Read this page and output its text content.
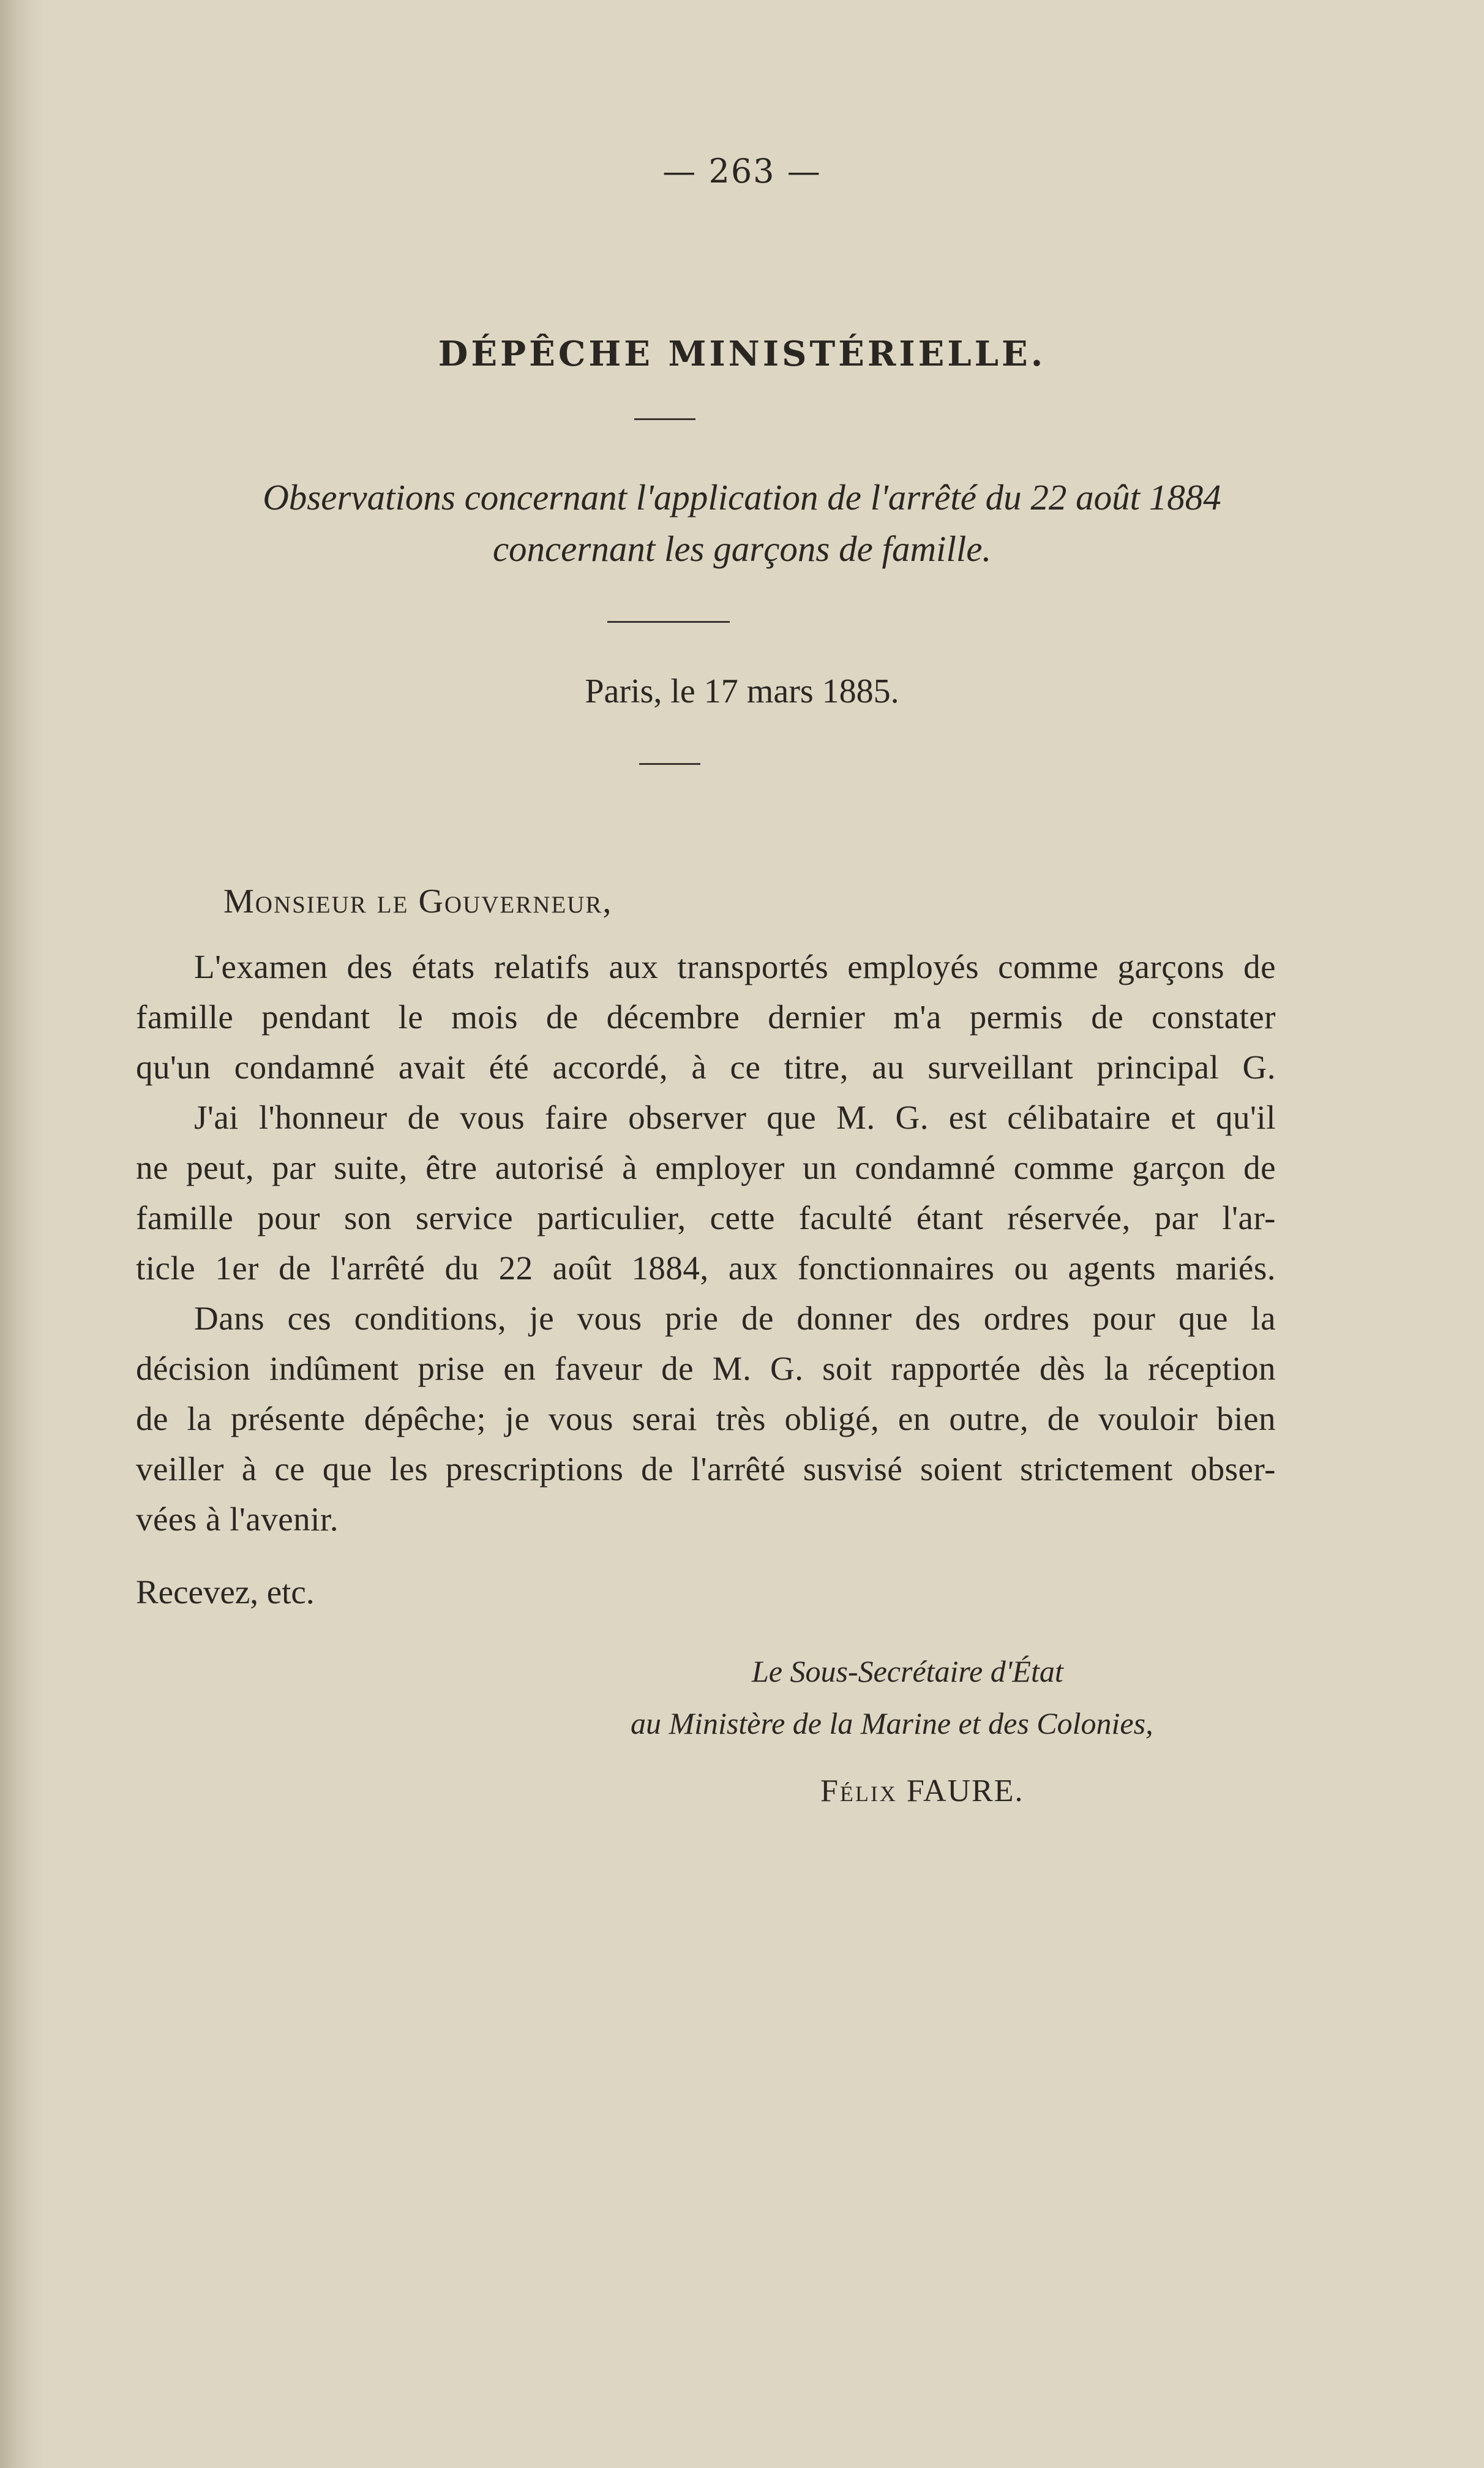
— 263 —
DÉPÊCHE MINISTÉRIELLE.
Observations concernant l'application de l'arrêté du 22 août 1884
concernant les garçons de famille.
Paris, le 17 mars 1885.
Monsieur le Gouverneur,

L'examen des états relatifs aux transportés employés comme garçons de
famille pendant le mois de décembre dernier m'a permis de constater
qu'un condamné avait été accordé, à ce titre, au surveillant principal G.

J'ai l'honneur de vous faire observer que M. G. est célibataire et qu'il
ne peut, par suite, être autorisé à employer un condamné comme garçon de
famille pour son service particulier, cette faculté étant réservée, par l'ar-
ticle 1er de l'arrêté du 22 août 1884, aux fonctionnaires ou agents mariés.

Dans ces conditions, je vous prie de donner des ordres pour que la
décision indûment prise en faveur de M. G. soit rapportée dès la réception
de la présente dépêche; je vous serai très obligé, en outre, de vouloir bien
veiller à ce que les prescriptions de l'arrêté susvisé soient strictement obser-
vées à l'avenir.

Recevez, etc.
Le Sous-Secrétaire d'État
au Ministère de la Marine et des Colonies,
Félix FAURE.
